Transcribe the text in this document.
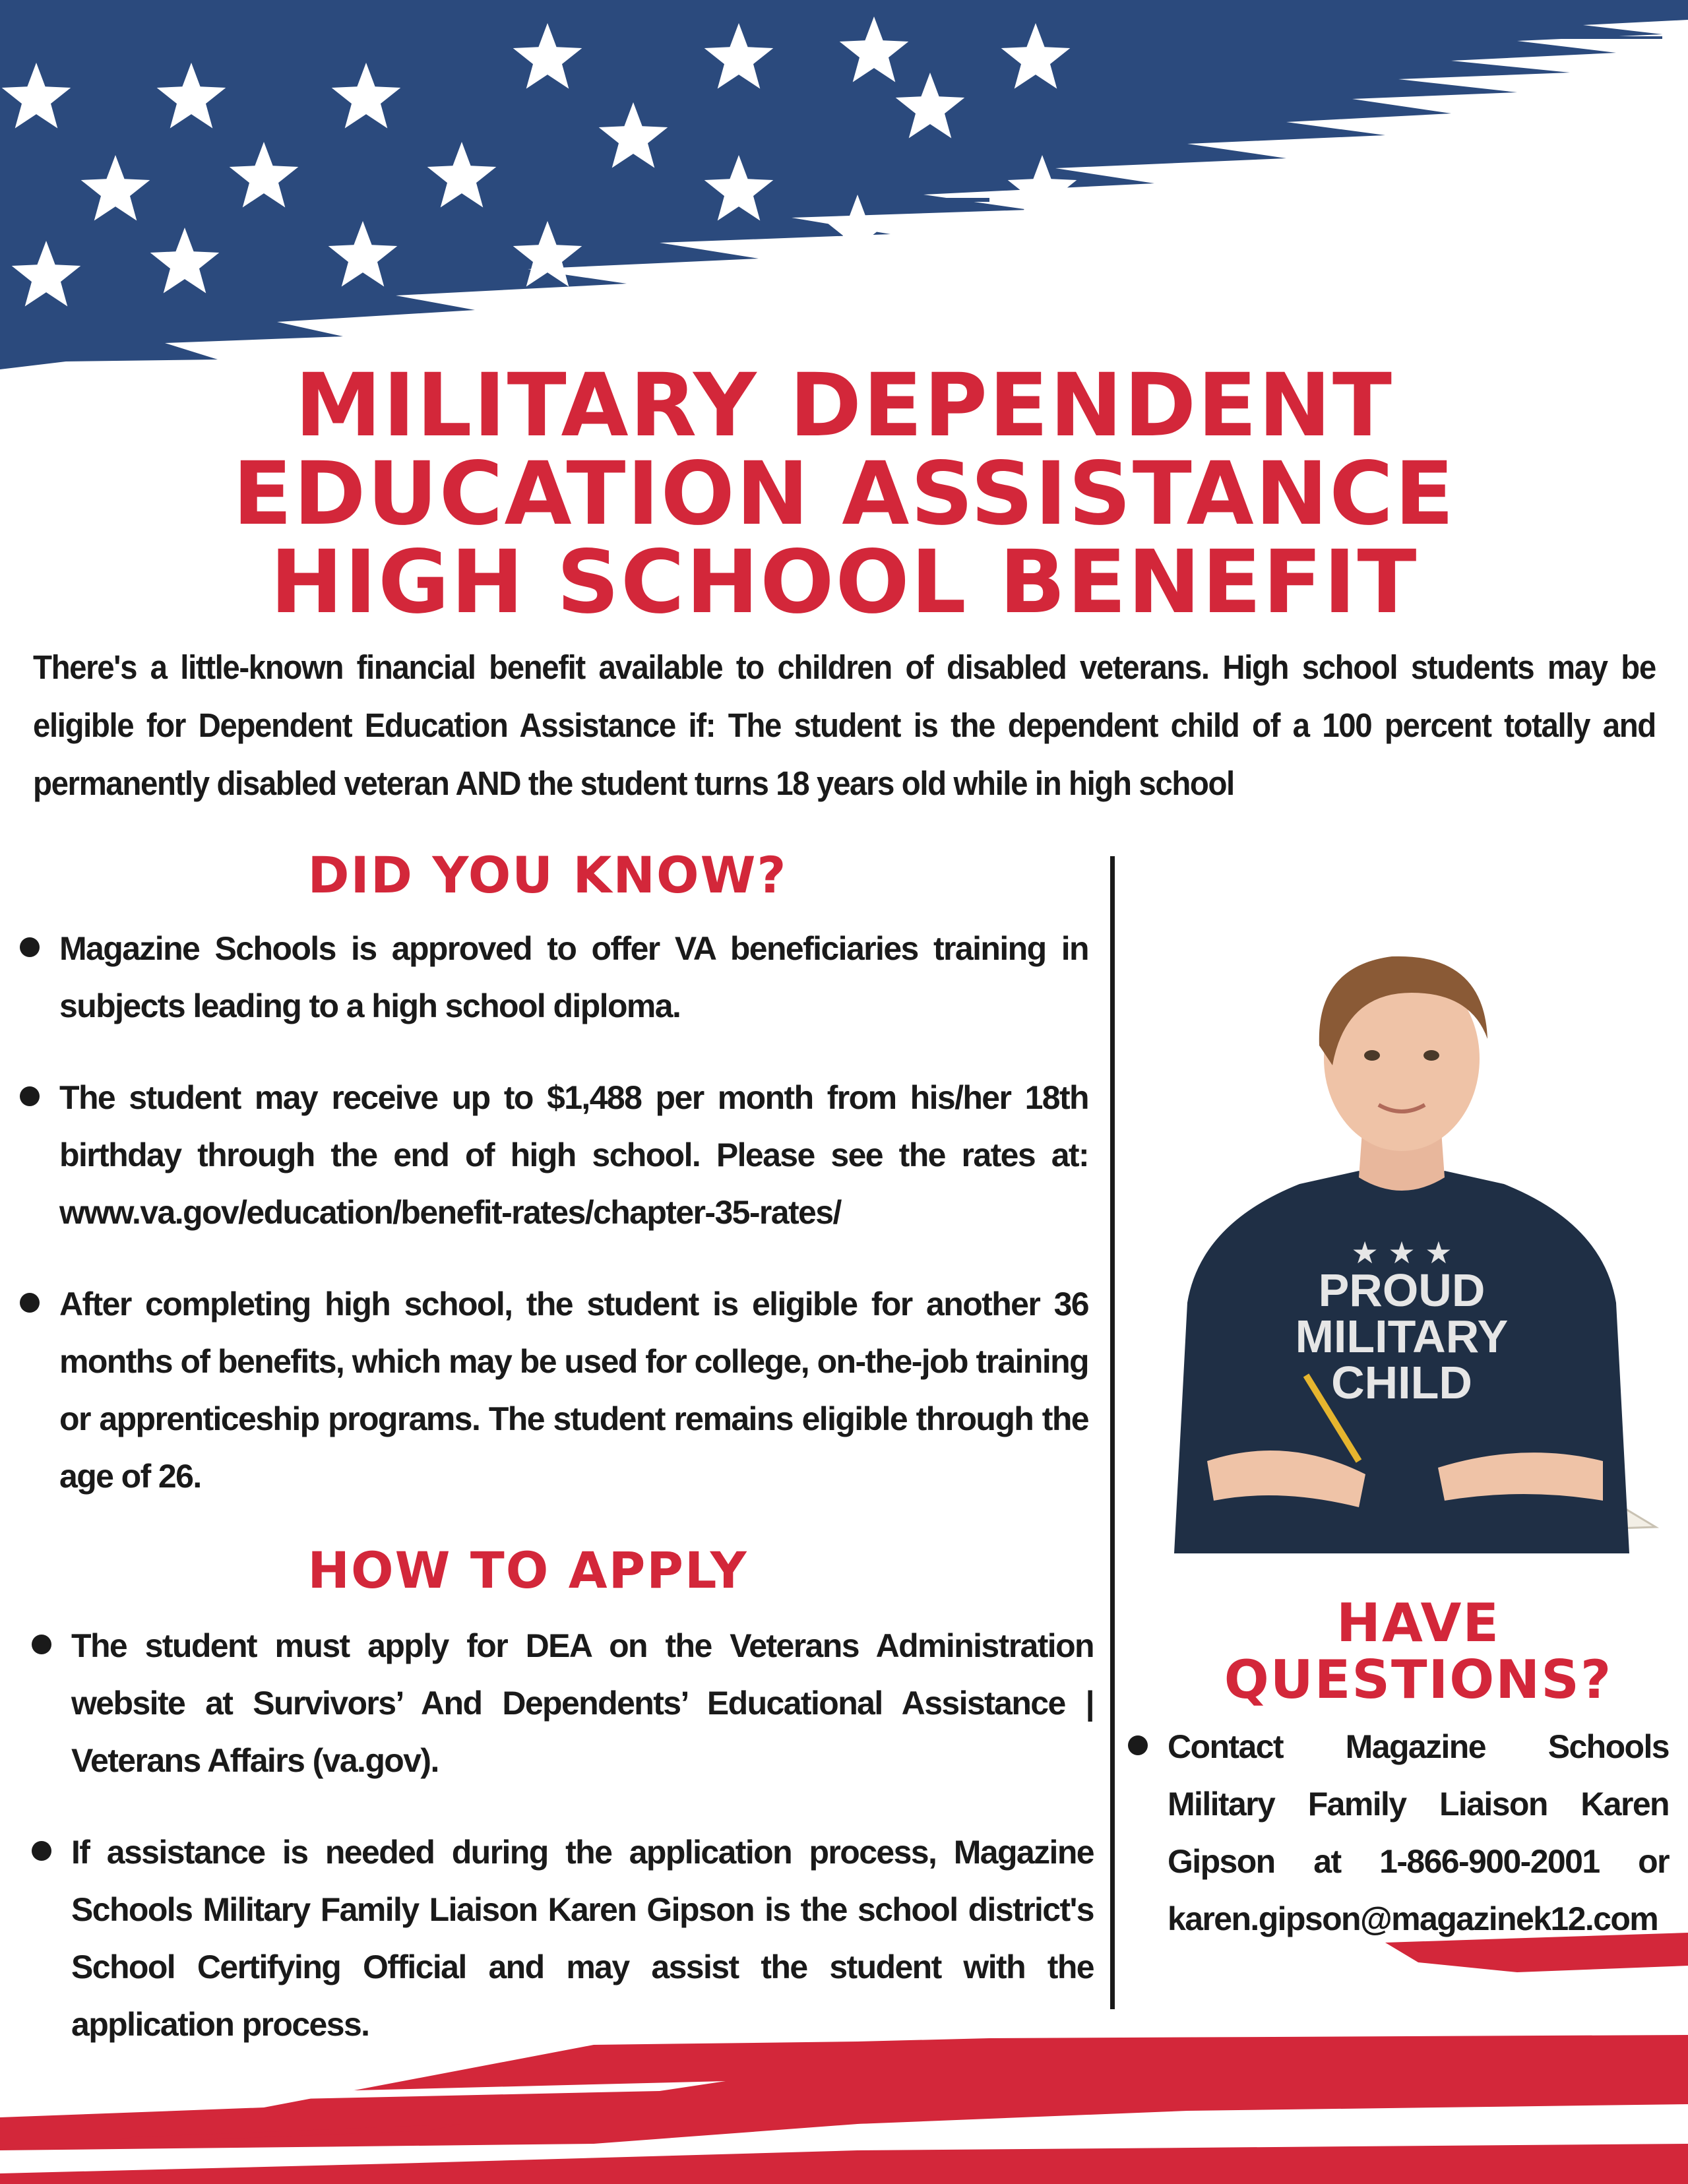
MILITARY DEPENDENT
EDUCATION ASSISTANCE
HIGH SCHOOL BENEFIT
There's a little-known financial benefit available to children of disabled veterans. High school students may be eligible for Dependent Education Assistance if: The student is the dependent child of a 100 percent totally and permanently disabled veteran AND the student turns 18 years old while in high school
DID YOU KNOW?
Magazine Schools is approved to offer VA beneficiaries training in subjects leading to a high school diploma.
The student may receive up to $1,488 per month from his/her 18th birthday through the end of high school. Please see the rates at: www.va.gov/education/benefit-rates/chapter-35-rates/
After completing high school, the student is eligible for another 36 months of benefits, which may be used for college, on-the-job training or apprenticeship programs. The student remains eligible through the age of 26.
HOW TO APPLY
The student must apply for DEA on the Veterans Administration website at Survivors’ And Dependents’ Educational Assistance | Veterans Affairs (va.gov).
If assistance is needed during the application process, Magazine Schools Military Family Liaison Karen Gipson is the school district's School Certifying Official and may assist the student with the application process.
★ ★ ★
PROUD
MILITARY
CHILD
HAVE
QUESTIONS?
Contact Magazine Schools Military Family Liaison Karen Gipson at 1-866-900-2001 or karen.gipson@magazinek12.com
